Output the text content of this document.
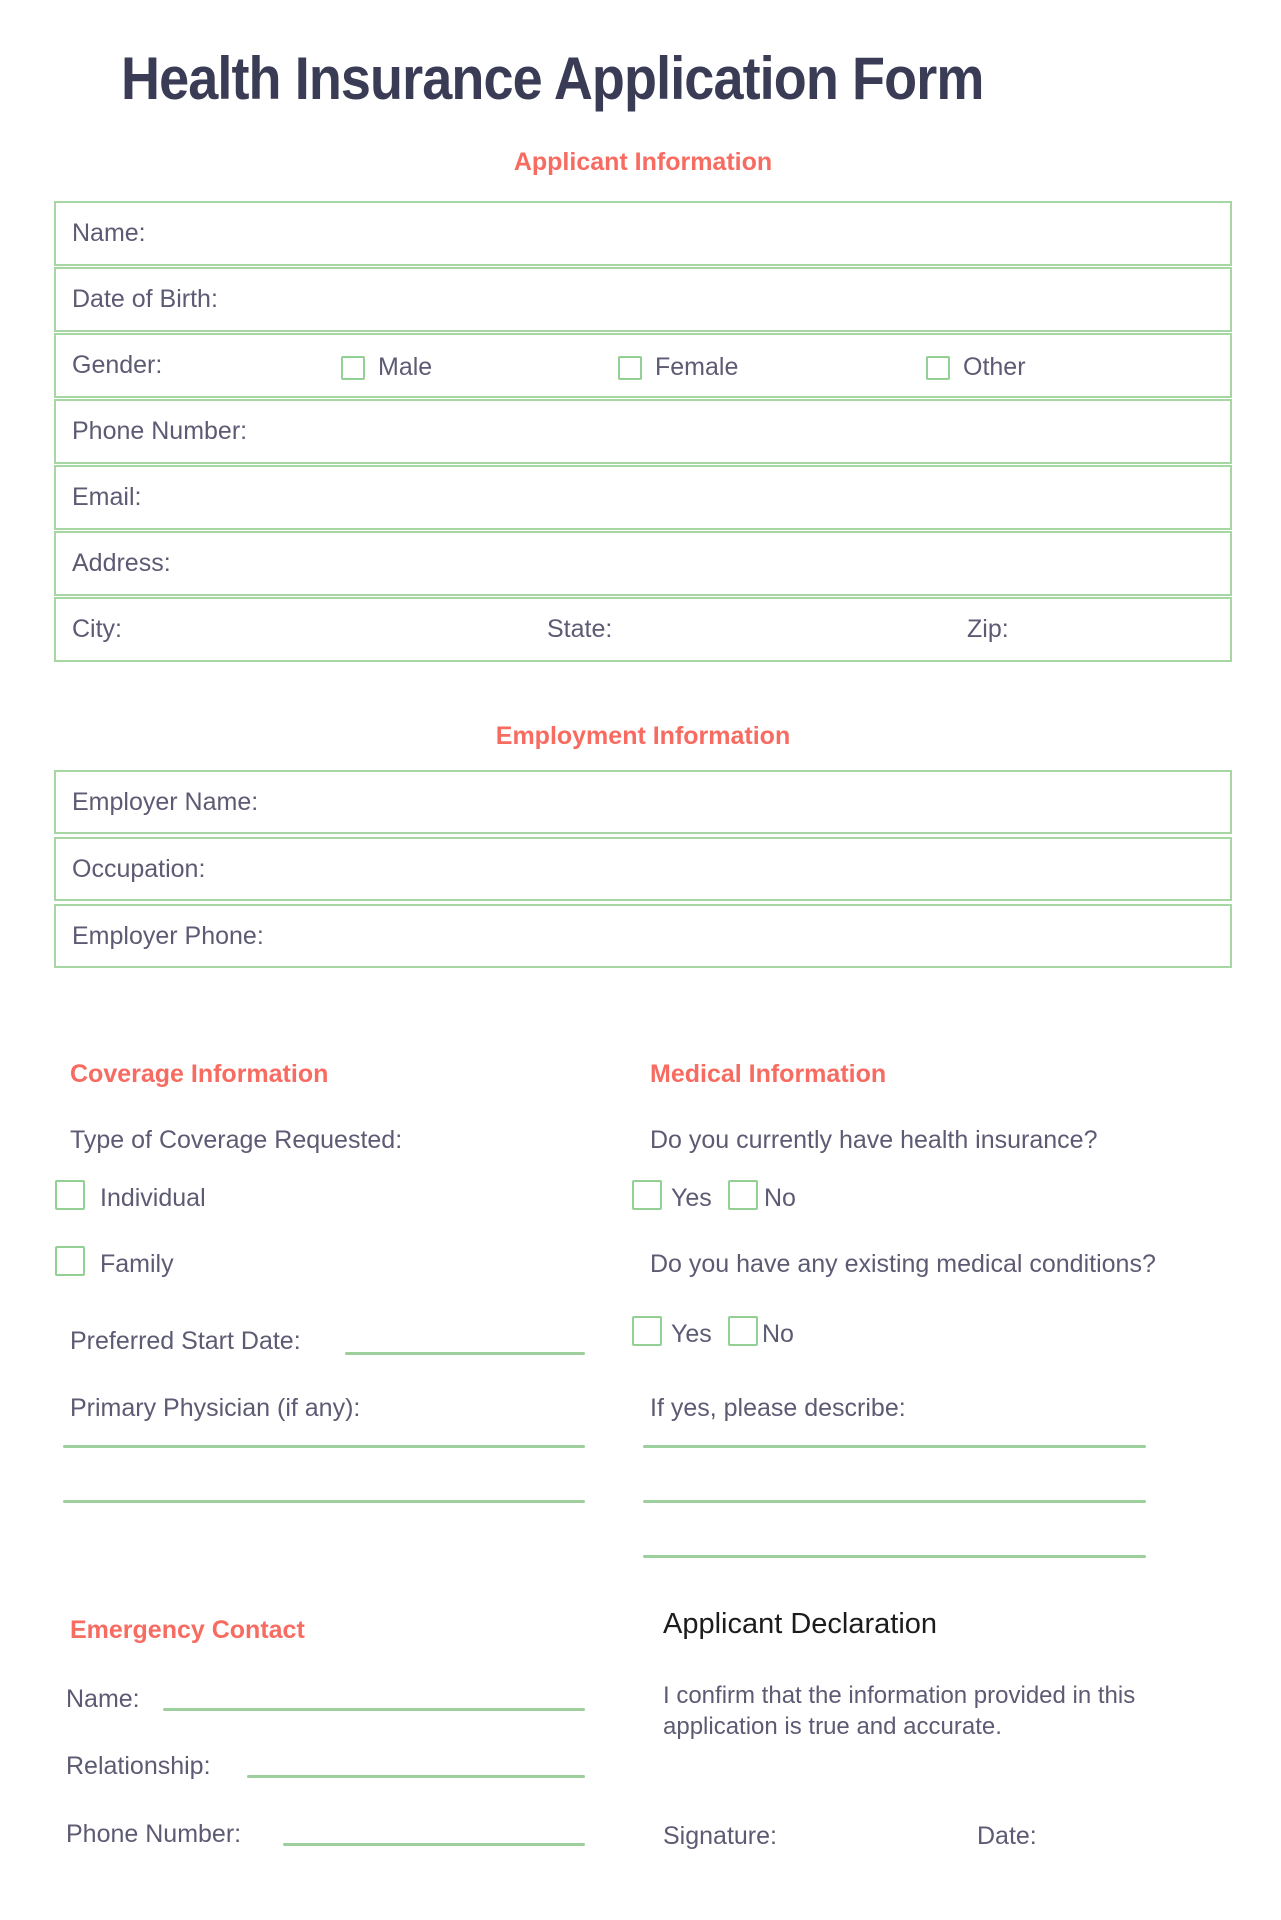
Health Insurance Application Form
Applicant Information
Name:
Date of Birth:
Gender:	Male	Female	Other
Phone Number:
Email:
Address:
City:	State:	Zip:
Employment Information
Employer Name:
Occupation:
Employer Phone:
Coverage Information
Type of Coverage Requested:
Individual
Family
Preferred Start Date:
Primary Physician (if any):
Medical Information
Do you currently have health insurance?
Yes No
Do you have any existing medical conditions?
Yes No
If yes, please describe:
Emergency Contact
Name:
Relationship:
Phone Number:
Applicant Declaration
I confirm that the information provided in this application is true and accurate.
Signature:	Date:
